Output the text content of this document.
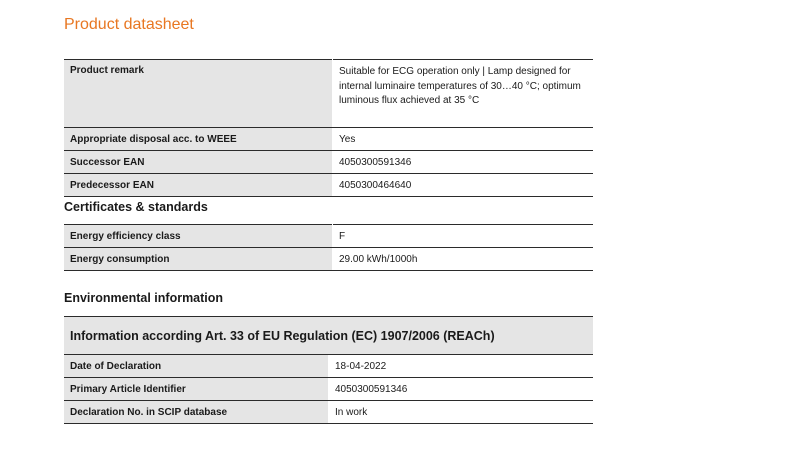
Product datasheet
Product remark	Suitable for ECG operation only | Lamp designed for internal luminaire temperatures of 30…40 °C; optimum luminous flux achieved at 35 °C
Appropriate disposal acc. to WEEE	Yes
Successor EAN	4050300591346
Predecessor EAN	4050300464640
Certificates & standards
Energy efficiency class	F
Energy consumption	29.00 kWh/1000h
Environmental information
Information according Art. 33 of EU Regulation (EC) 1907/2006 (REACh)	
Date of Declaration	18-04-2022
Primary Article Identifier	4050300591346
Declaration No. in SCIP database	In work
